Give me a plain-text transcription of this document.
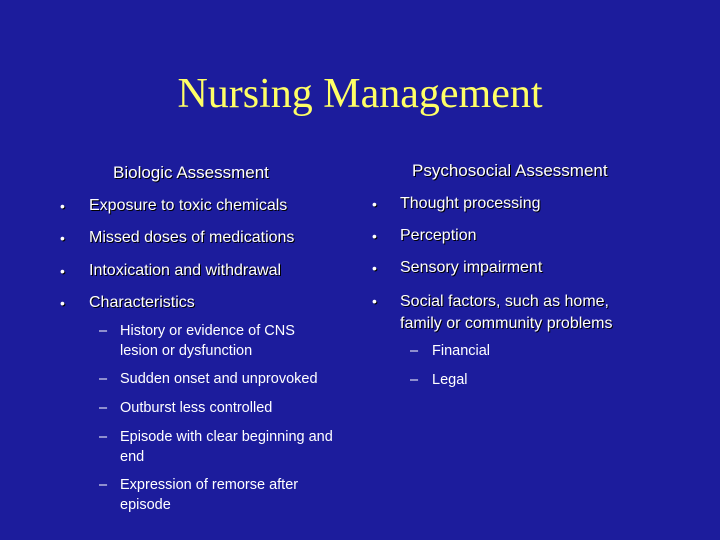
Nursing Management
Biologic Assessment
• Exposure to toxic chemicals
• Missed doses of medications
• Intoxication and withdrawal
• Characteristics
– History or evidence of CNS lesion or dysfunction
– Sudden onset and unprovoked
– Outburst less controlled
– Episode with clear beginning and end
– Expression of remorse after episode
Psychosocial Assessment
• Thought processing
• Perception
• Sensory impairment
• Social factors, such as home, family or community problems
– Financial
– Legal
